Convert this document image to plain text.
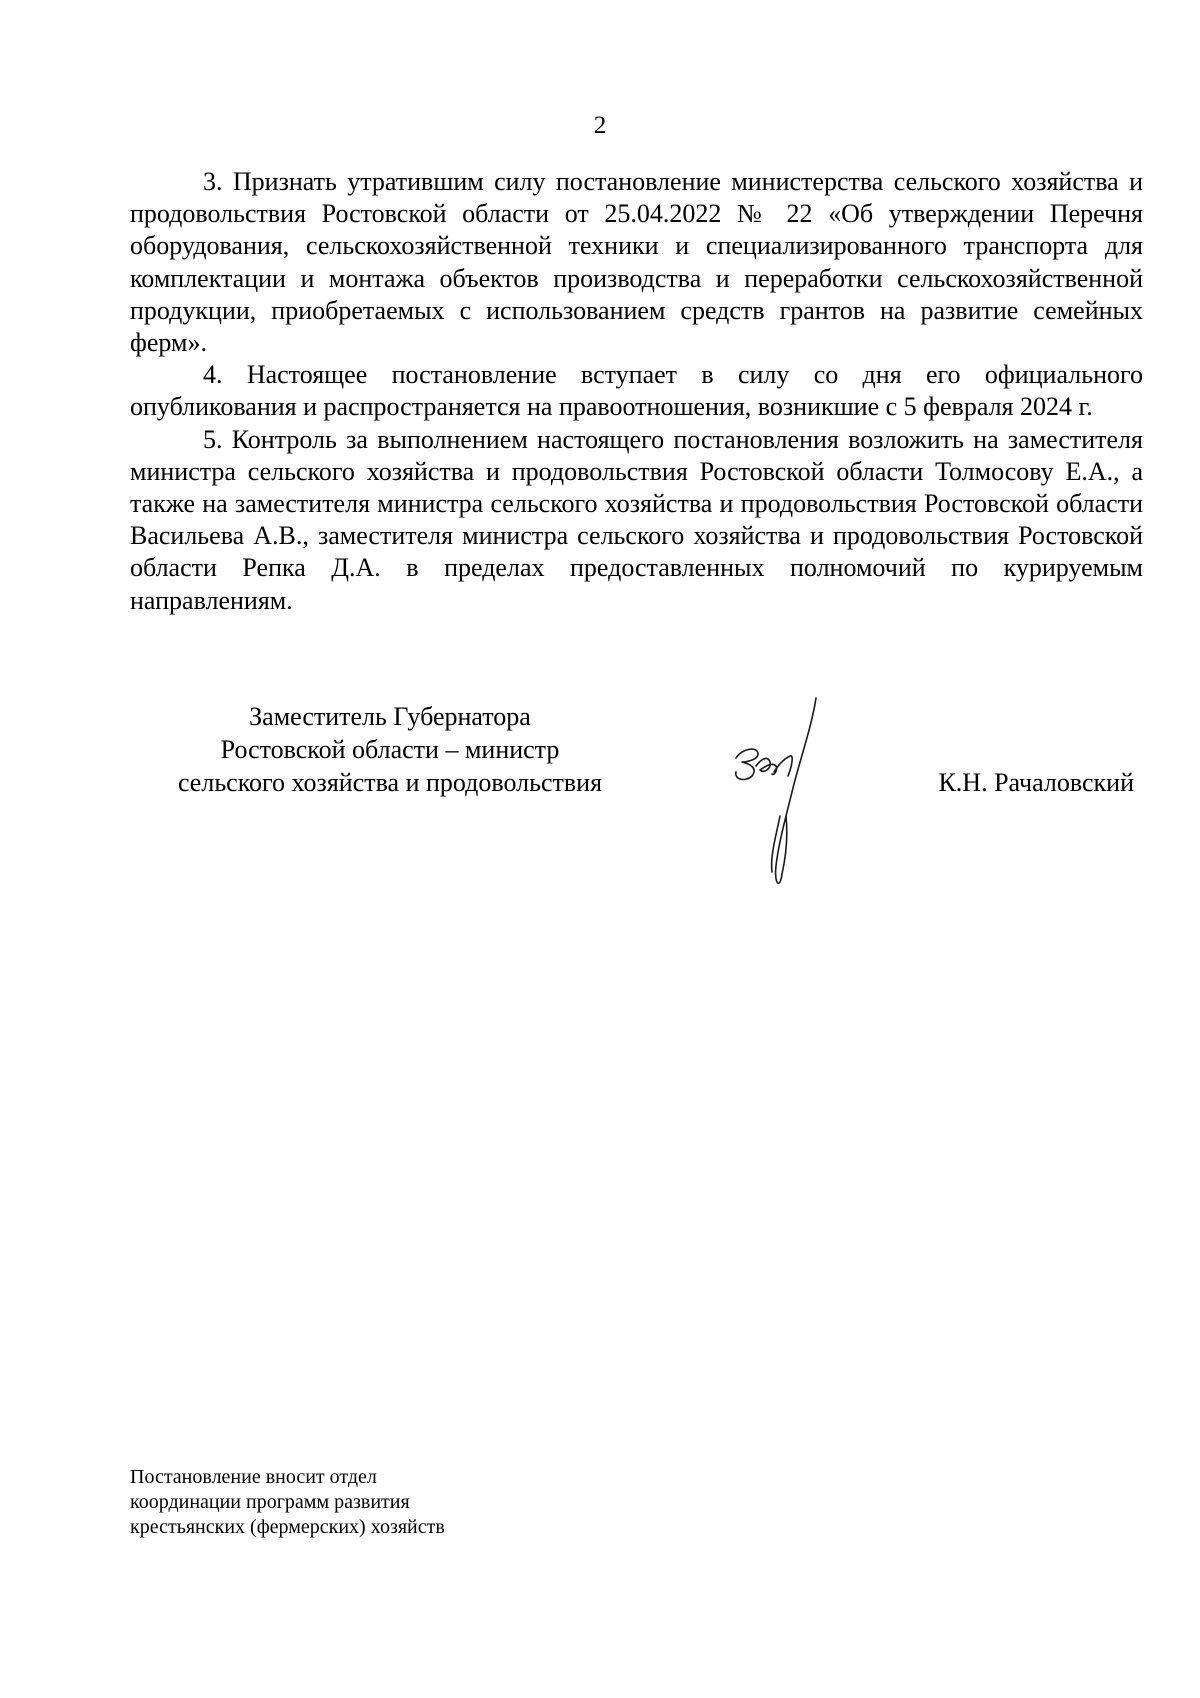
2

3. Признать утратившим силу постановление министерства сельского хозяйства и продовольствия Ростовской области от 25.04.2022 № 22 «Об утверждении Перечня оборудования, сельскохозяйственной техники и специализированного транспорта для комплектации и монтажа объектов производства и переработки сельскохозяйственной продукции, приобретаемых с использованием средств грантов на развитие семейных ферм».

4. Настоящее постановление вступает в силу со дня его официального опубликования и распространяется на правоотношения, возникшие с 5 февраля 2024 г.

5. Контроль за выполнением настоящего постановления возложить на заместителя министра сельского хозяйства и продовольствия Ростовской области Толмосову Е.А., а также на заместителя министра сельского хозяйства и продовольствия Ростовской области Васильева А.В., заместителя министра сельского хозяйства и продовольствия Ростовской области Репка Д.А. в пределах предоставленных полномочий по курируемым направлениям.

Заместитель Губернатора
Ростовской области – министр
сельского хозяйства и продовольствия	К.Н. Рачаловский
Постановление вносит отдел
координации программ развития
крестьянских (фермерских) хозяйств
